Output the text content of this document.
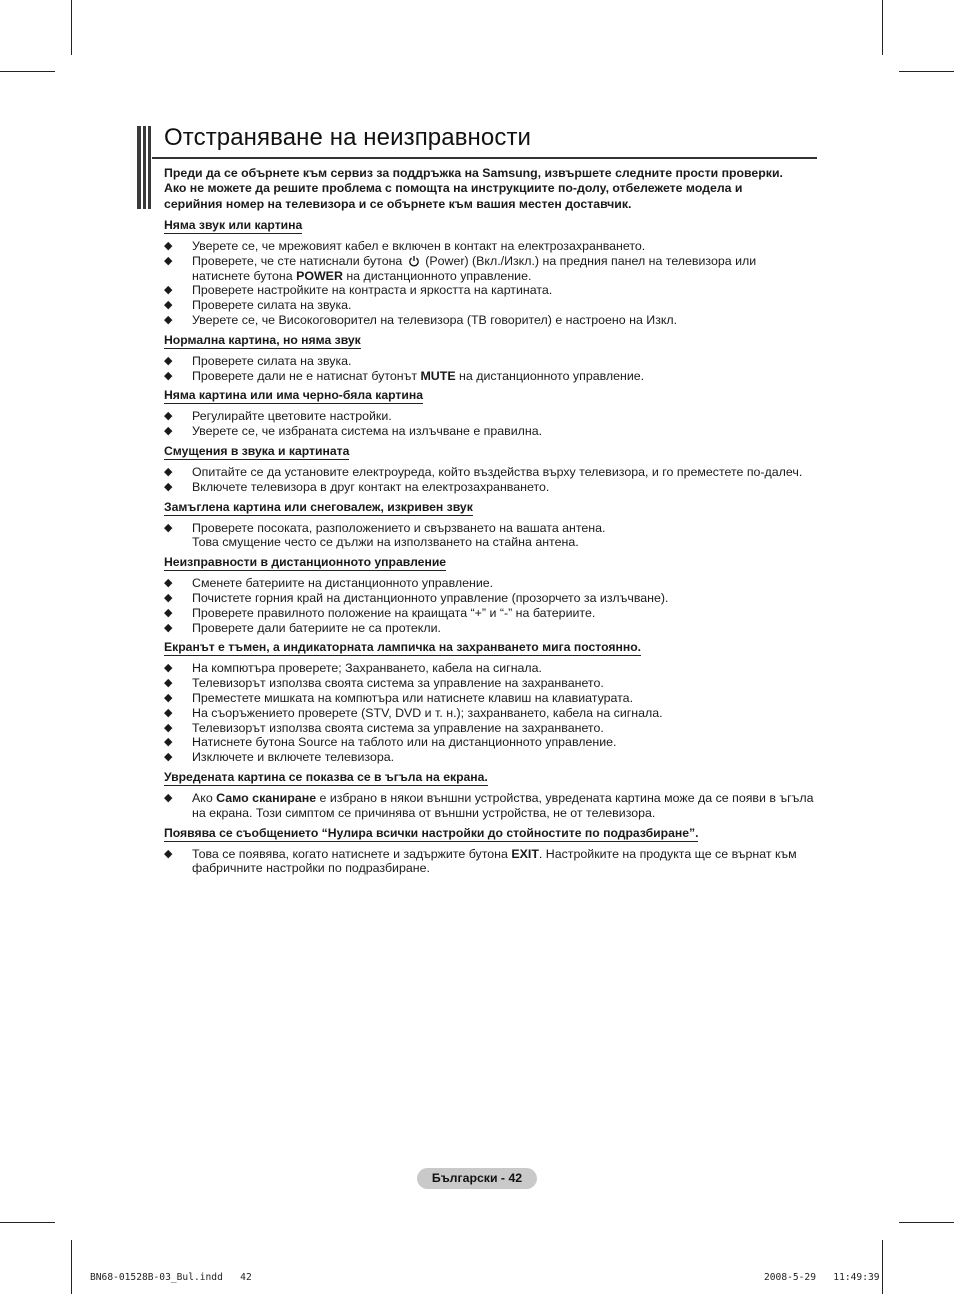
Отстраняване на неизправности

Преди да се обърнете към сервиз за поддръжка на Samsung, извършете следните прости проверки. Ако не можете да решите проблема с помощта на инструкциите по-долу, отбележете модела и серийния номер на телевизора и се обърнете към вашия местен доставчик.

Няма звук или картина
◆ Уверете се, че мрежовият кабел е включен в контакт на електрозахранването.
◆ Проверете, че сте натиснали бутона  (Power) (Вкл./Изкл.) на предния панел на телевизора или натиснете бутона POWER на дистанционното управление.
◆ Проверете настройките на контраста и яркостта на картината.
◆ Проверете силата на звука.
◆ Уверете се, че Високоговорител на телевизора (ТВ говорител) е настроено на Изкл.
Нормална картина, но няма звук
◆ Проверете силата на звука.
◆ Проверете дали не е натиснат бутонът MUTE на дистанционното управление.
Няма картина или има черно-бяла картина
◆ Регулирайте цветовите настройки.
◆ Уверете се, че избраната система на излъчване е правилна.
Смущения в звука и картината
◆ Опитайте се да установите електроуреда, който въздейства върху телевизора, и го преместете по-далеч.
◆ Включете телевизора в друг контакт на електрозахранването.
Замъглена картина или снеговалеж, изкривен звук
◆ Проверете посоката, разположението и свързването на вашата антена.
Това смущение често се дължи на използването на стайна антена.
Неизправности в дистанционното управление
◆ Сменете батериите на дистанционното управление.
◆ Почистете горния край на дистанционното управление (прозорчето за излъчване).
◆ Проверете правилното положение на краищата “+” и “-” на батериите.
◆ Проверете дали батериите не са протекли.
Екранът е тъмен, а индикаторната лампичка на захранването мига постоянно.
◆ На компютъра проверете; Захранването, кабела на сигнала.
◆ Телевизорът използва своята система за управление на захранването.
◆ Преместете мишката на компютъра или натиснете клавиш на клавиатурата.
◆ На съоръжението проверете (STV, DVD и т. н.); захранването, кабела на сигнала.
◆ Телевизорът използва своята система за управление на захранването.
◆ Натиснете бутона Source на таблото или на дистанционното управление.
◆ Изключете и включете телевизора.
Увредената картина се показва се в ъгъла на екрана.
◆ Ако Само сканиране е избрано в някои външни устройства, увредената картина може да се появи в ъгъла на екрана. Този симптом се причинява от външни устройства, не от телевизора.
Появява се съобщението “Нулира всички настройки до стойностите по подразбиране”.
◆ Това се появява, когато натиснете и задържите бутона EXIT. Настройките на продукта ще се върнат към фабричните настройки по подразбиране.
Български - 42
BN68-01528B-03_Bul.indd   42	2008-5-29   11:49:39
